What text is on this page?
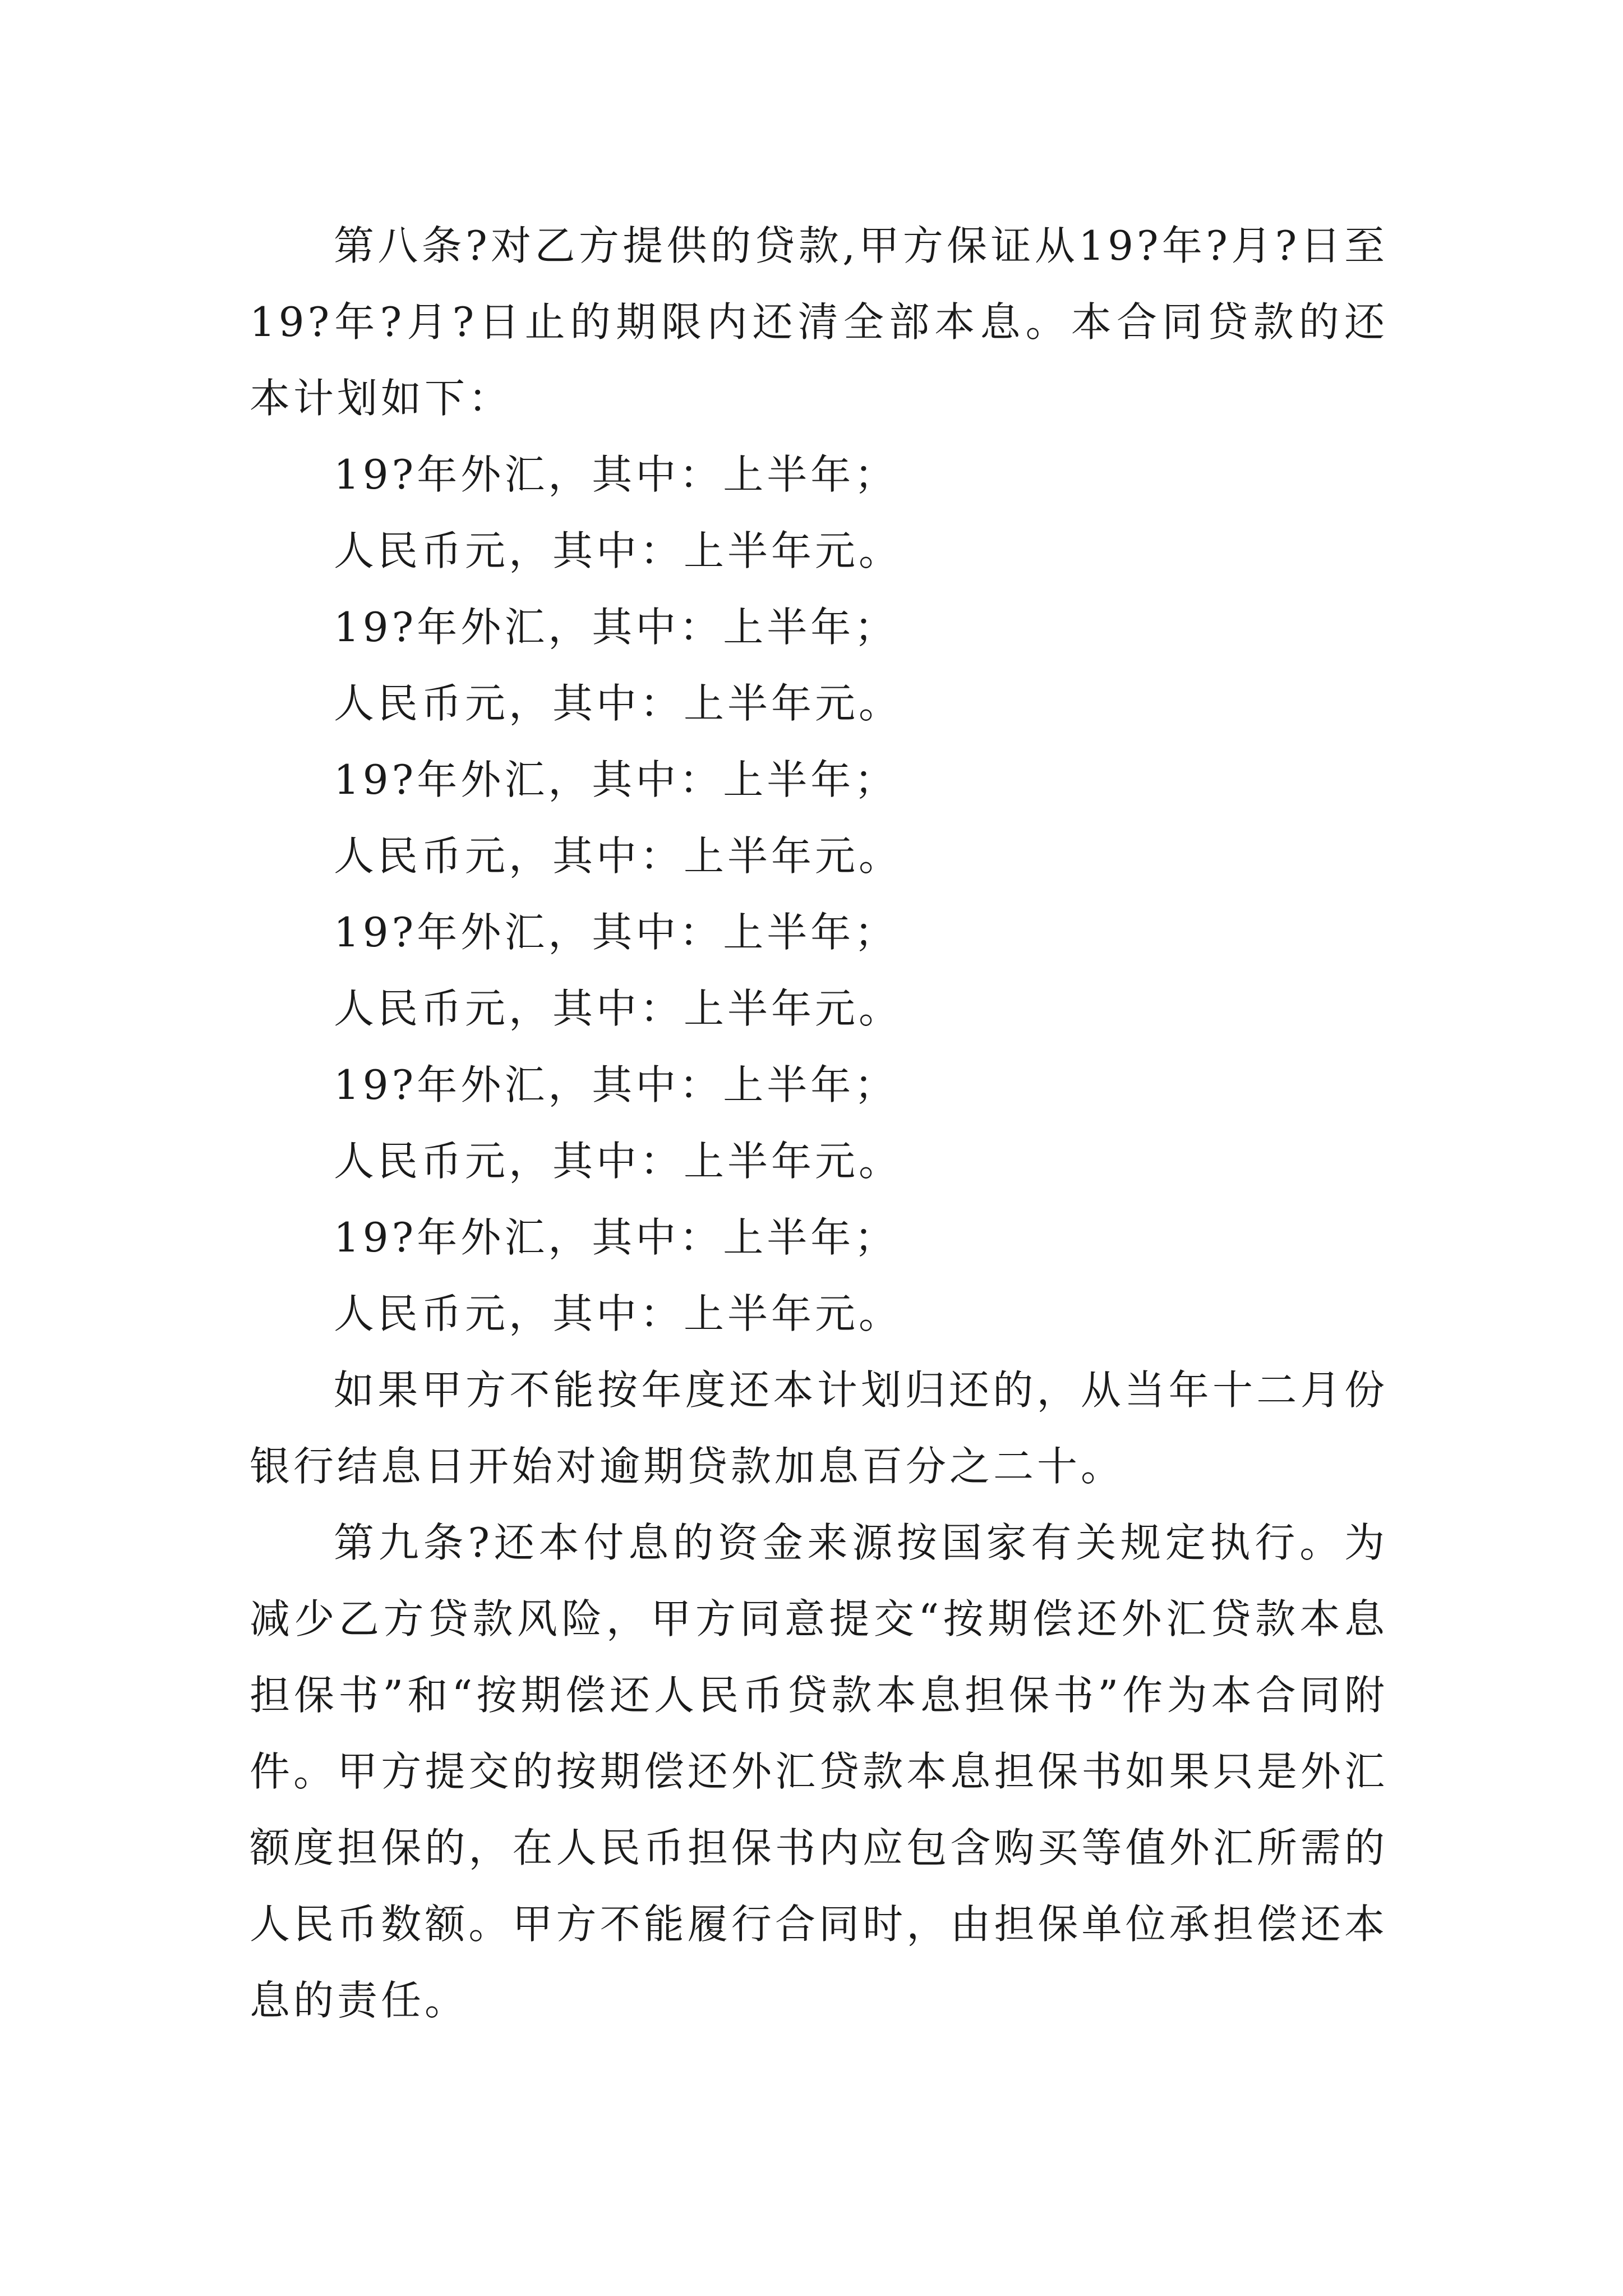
第八条?对乙方提供的贷款,甲方保证从19?年?月?日至19?年?月?日止的期限内还清全部本息。本合同贷款的还本计划如下：

19?年外汇，其中：上半年；

人民币元，其中：上半年元。

19?年外汇，其中：上半年；

人民币元，其中：上半年元。

19?年外汇，其中：上半年；

人民币元，其中：上半年元。

19?年外汇，其中：上半年；

人民币元，其中：上半年元。

19?年外汇，其中：上半年；

人民币元，其中：上半年元。

19?年外汇，其中：上半年；

人民币元，其中：上半年元。

如果甲方不能按年度还本计划归还的，从当年十二月份银行结息日开始对逾期贷款加息百分之二十。

第九条?还本付息的资金来源按国家有关规定执行。为减少乙方贷款风险，甲方同意提交“按期偿还外汇贷款本息担保书”和“按期偿还人民币贷款本息担保书”作为本合同附件。甲方提交的按期偿还外汇贷款本息担保书如果只是外汇额度担保的，在人民币担保书内应包含购买等值外汇所需的人民币数额。甲方不能履行合同时，由担保单位承担偿还本息的责任。
